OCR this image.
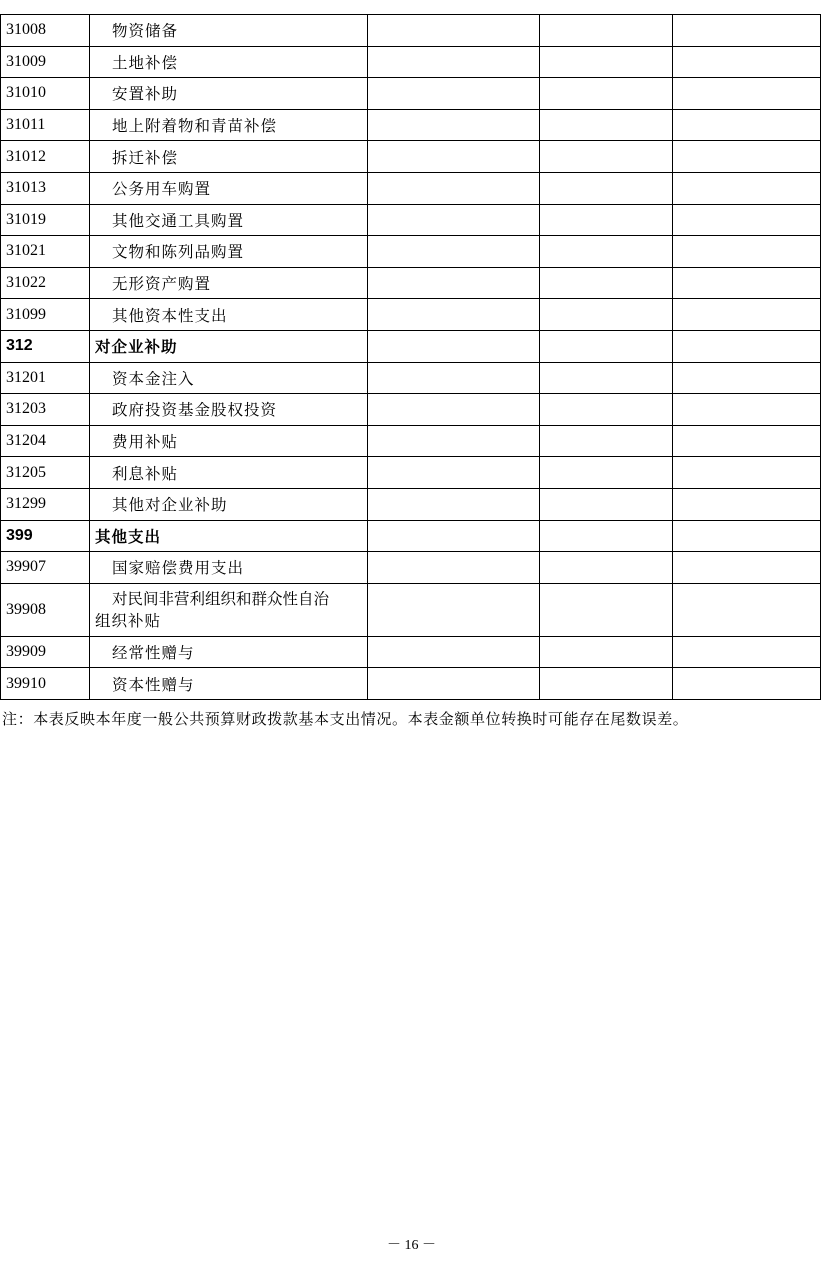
31008	物资储备			
31009	土地补偿			
31010	安置补助			
31011	地上附着物和青苗补偿			
31012	拆迁补偿			
31013	公务用车购置			
31019	其他交通工具购置			
31021	文物和陈列品购置			
31022	无形资产购置			
31099	其他资本性支出			
312	对企业补助			
31201	资本金注入			
31203	政府投资基金股权投资			
31204	费用补贴			
31205	利息补贴			
31299	其他对企业补助			
399	其他支出			
39907	国家赔偿费用支出			
39908	对民间非营利组织和群众性自治
组织补贴			

39909	经常性赠与			
39910	资本性赠与			
注：本表反映本年度一般公共预算财政拨款基本支出情况。本表金额单位转换时可能存在尾数误差。
－ 16 －
